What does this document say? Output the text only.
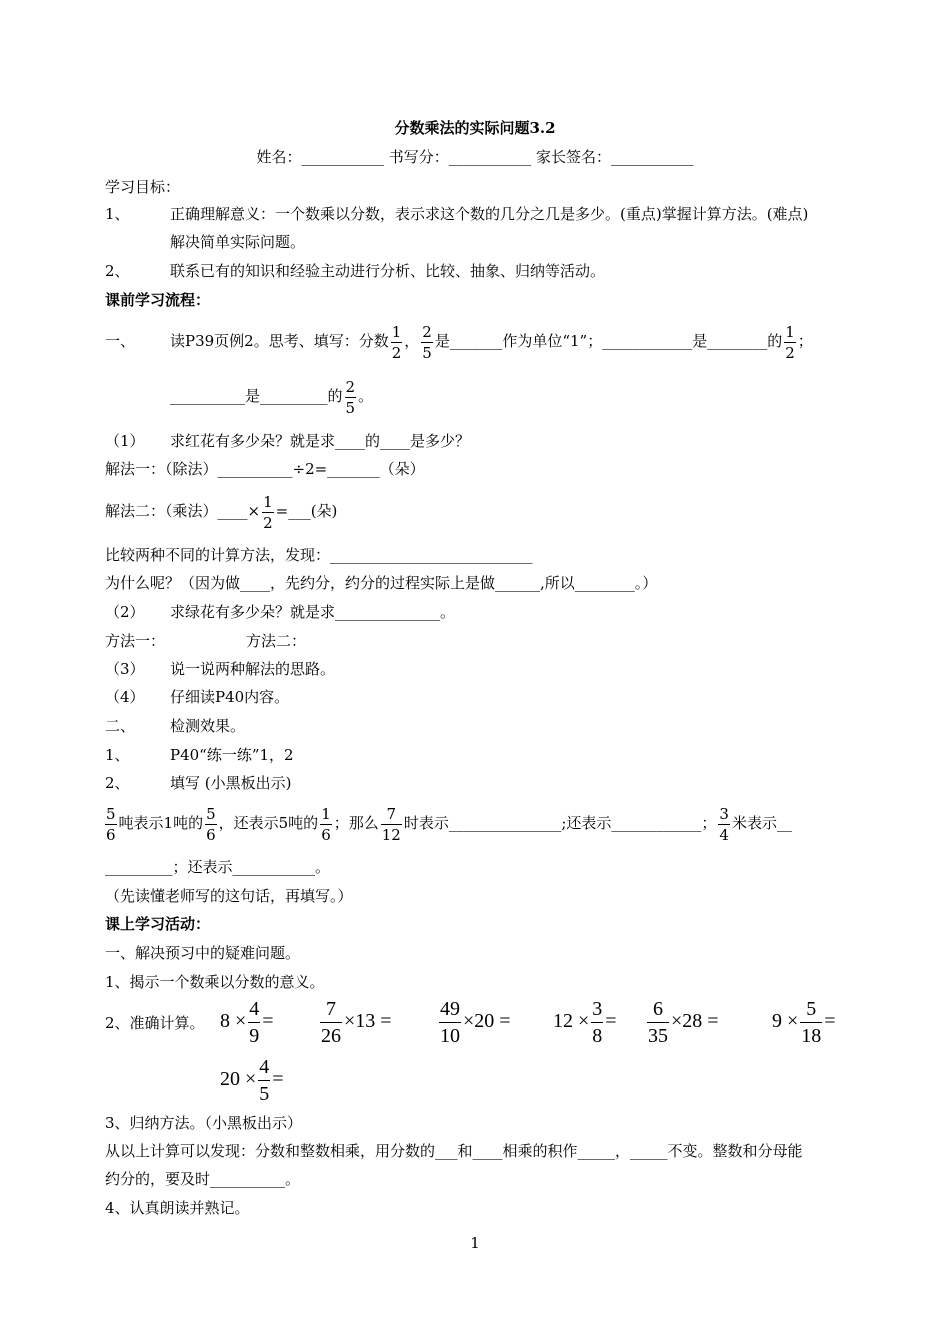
分数乘法的实际问题3.2
姓名：___________ 书写分：___________ 家长签名：___________
学习目标：
1、	正确理解意义：一个数乘以分数，表示求这个数的几分之几是多少。(重点)掌握计算方法。(难点)
解决简单实际问题。
2、	联系已有的知识和经验主动进行分析、比较、抽象、归纳等活动。
课前学习流程：
一、 读P39页例2。思考、填写：分数 $\frac{1}{2}$ ， $\frac{2}{5}$ 是_______作为单位“1”；____________是________的 $\frac{1}{2}$ ；
__________是_________的 $\frac{2}{5}$ 。
（1） 求红花有多少朵？就是求____的____是多少？
解法一：（除法）__________÷2=_______（朵）
解法二：（乘法）____× $\frac{1}{2}$ =___(朵)
比较两种不同的计算方法，发现：___________________________
为什么呢？（因为做____，先约分，约分的过程实际上是做______,所以________。）
（2） 求绿花有多少朵？就是求______________。
方法一：	方法二：
（3） 说一说两种解法的思路。
（4） 仔细读P40内容。
二、 检测效果。
1、	P40“练一练”1，2
2、	填写 (小黑板出示)
$\frac{5}{6}$ 吨表示1吨的 $\frac{5}{6}$ ，还表示5吨的 $\frac{1}{6}$ ；那么 $\frac{7}{12}$ 时表示_______________;还表示____________； $\frac{3}{4}$ 米表示__
_________；还表示___________。
（先读懂老师写的这句话，再填写。）
课上学习活动：
一、解决预习中的疑难问题。
1、揭示一个数乘以分数的意义。
2、准确计算。 $8 \times \frac{4}{9} = \frac{7}{26} \times 13 = \frac{49}{10} \times 20 = 12 \times \frac{3}{8} = \frac{6}{35} \times 28$ =	$9 \times \frac{5}{18}$ =
$20 \times \frac{4}{5}$ =
3、归纳方法。（小黑板出示）
从以上计算可以发现：分数和整数相乘，用分数的___和____相乘的积作_____，_____不变。整数和分母能
约分的，要及时__________。
4、认真朗读并熟记。
1
